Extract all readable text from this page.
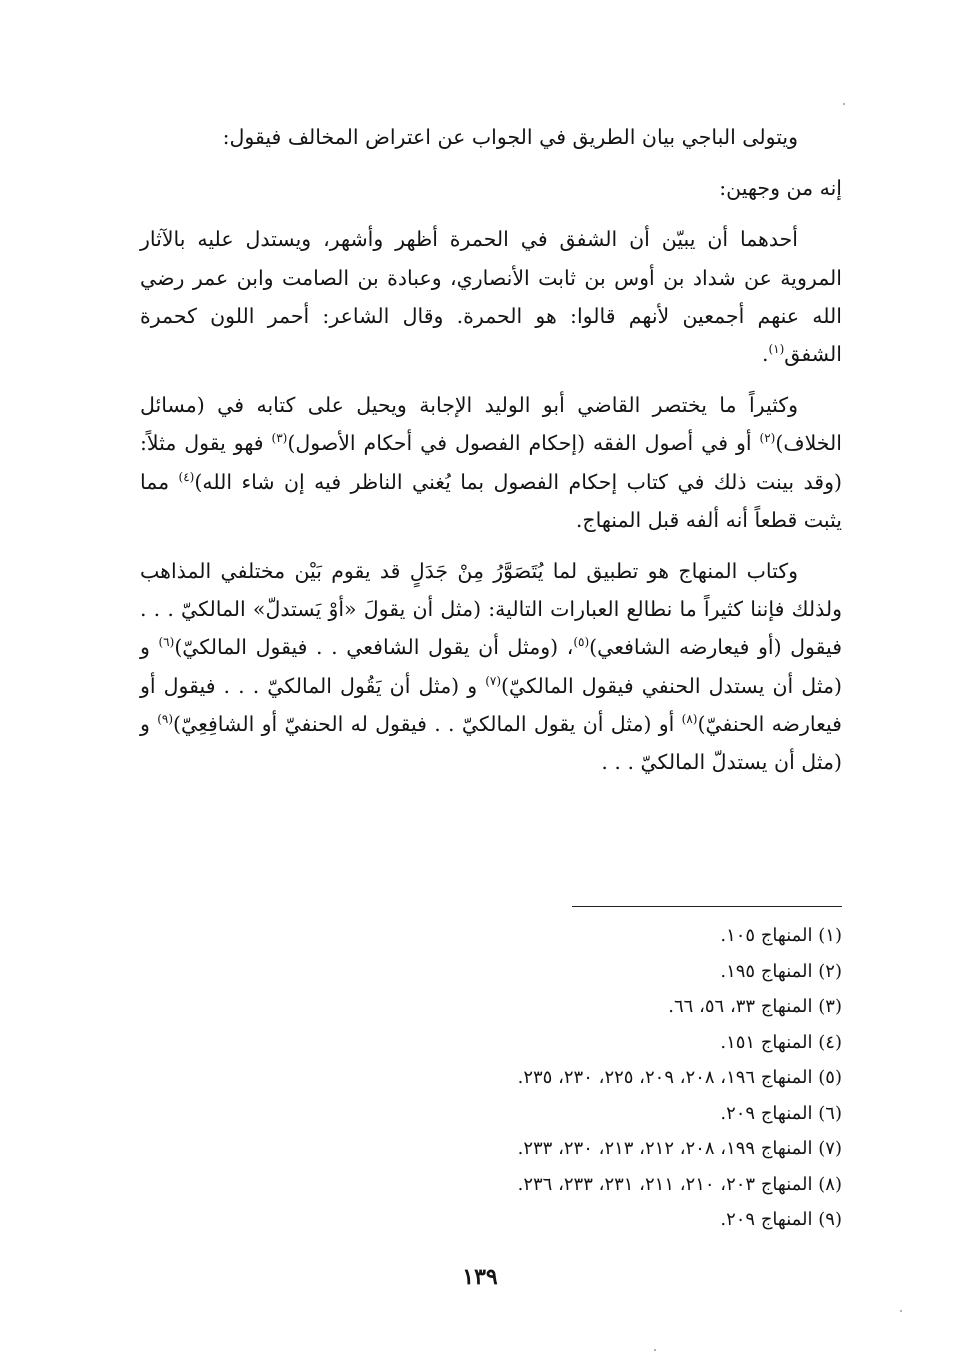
ويتولى الباجي بيان الطريق في الجواب عن اعتراض المخالف فيقول:

إنه من وجهين:

أحدهما أن يبيّن أن الشفق في الحمرة أظهر وأشهر، ويستدل عليه بالآثار المروية عن شداد بن أوس بن ثابت الأنصاري، وعبادة بن الصامت وابن عمر رضي الله عنهم أجمعين لأنهم قالوا: هو الحمرة. وقال الشاعر: أحمر اللون كحمرة الشفق$^{(١)}$.

وكثيراً ما يختصر القاضي أبو الوليد الإجابة ويحيل على كتابه في (مسائل الخلاف)$^{(٢)}$ أو في أصول الفقه (إحكام الفصول في أحكام الأصول)$^{(٣)}$ فهو يقول مثلاً: (وقد بينت ذلك في كتاب إحكام الفصول بما يُغني الناظر فيه إن شاء الله)$^{(٤)}$ مما يثبت قطعاً أنه ألفه قبل المنهاج.

وكتاب المنهاج هو تطبيق لما يُتَصَوَّرُ مِنْ جَدَلٍ قد يقوم بَيْن مختلفي المذاهب ولذلك فإننا كثيراً ما نطالع العبارات التالية: (مثل أن يقولَ «أوْ يَستدلّ» المالكيّ . . . فيقول (أو فيعارضه الشافعي)$^{(٥)}$، (ومثل أن يقول الشافعي . . فيقول المالكيّ)$^{(٦)}$ و (مثل أن يستدل الحنفي فيقول المالكيّ)$^{(٧)}$ و (مثل أن يَقُول المالكيّ . . . فيقول أو فيعارضه الحنفيّ)$^{(٨)}$ أو (مثل أن يقول المالكيّ . . فيقول له الحنفيّ أو الشافِعِيّ)$^{(٩)}$ و (مثل أن يستدلّ المالكيّ . . .

(١) المنهاج ١٠٥.
(٢) المنهاج ١٩٥.
(٣) المنهاج ٣٣، ٥٦، ٦٦.
(٤) المنهاج ١٥١.
(٥) المنهاج ١٩٦، ٢٠٨، ٢٠٩، ٢٢٥، ٢٣٠، ٢٣٥.
(٦) المنهاج ٢٠٩.
(٧) المنهاج ١٩٩، ٢٠٨، ٢١٢، ٢١٣، ٢٣٠، ٢٣٣.
(٨) المنهاج ٢٠٣، ٢١٠، ٢١١، ٢٣١، ٢٣٣، ٢٣٦.
(٩) المنهاج ٢٠٩.
١٣٩
